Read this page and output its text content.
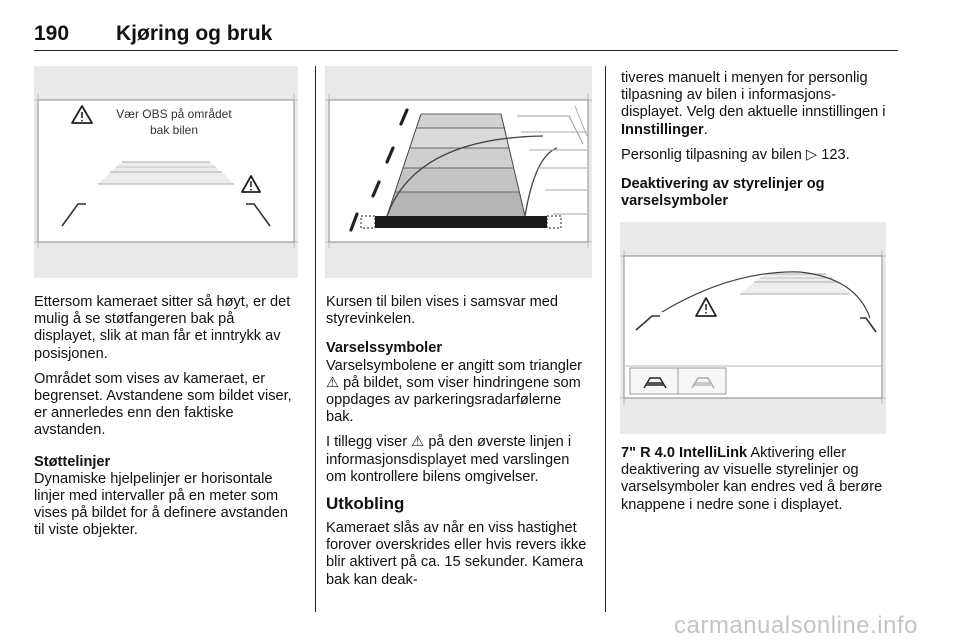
190 Kjøring og bruk
Vær OBS på området
bak bilen

Ettersom kameraet sitter så høyt, er det mulig å se støtfangeren bak på displayet, slik at man får et inntrykk av posisjonen.

Området som vises av kameraet, er begrenset. Avstandene som bildet viser, er annerledes enn den faktiske avstanden.

Støttelinjer

Dynamiske hjelpelinjer er horisontale linjer med intervaller på en meter som vises på bildet for å definere avstanden til viste objekter.

Kursen til bilen vises i samsvar med styrevinkelen.

Varselssymboler

Varselsymbolene er angitt som triangler ⚠ på bildet, som viser hindringene som oppdages av parkeringsradarfølerne bak.

I tillegg viser ⚠ på den øverste linjen i informasjonsdisplayet med varslingen om kontrollere bilens omgivelser.

Utkobling

Kameraet slås av når en viss hastighet forover overskrides eller hvis revers ikke blir aktivert på ca. 15 sekunder. Kamera bak kan deak-

tiveres manuelt i menyen for personlig tilpasning av bilen i informasjonsdisplayet. Velg den aktuelle innstillingen i Innstillinger.

Personlig tilpasning av bilen ▷ 123.

Deaktivering av styrelinjer og

varselsymboler

7" R 4.0 IntelliLink Aktivering eller deaktivering av visuelle styrelinjer og varselsymboler kan endres ved å berøre knappene i nedre sone i displayet.

carmanualsonline.info
